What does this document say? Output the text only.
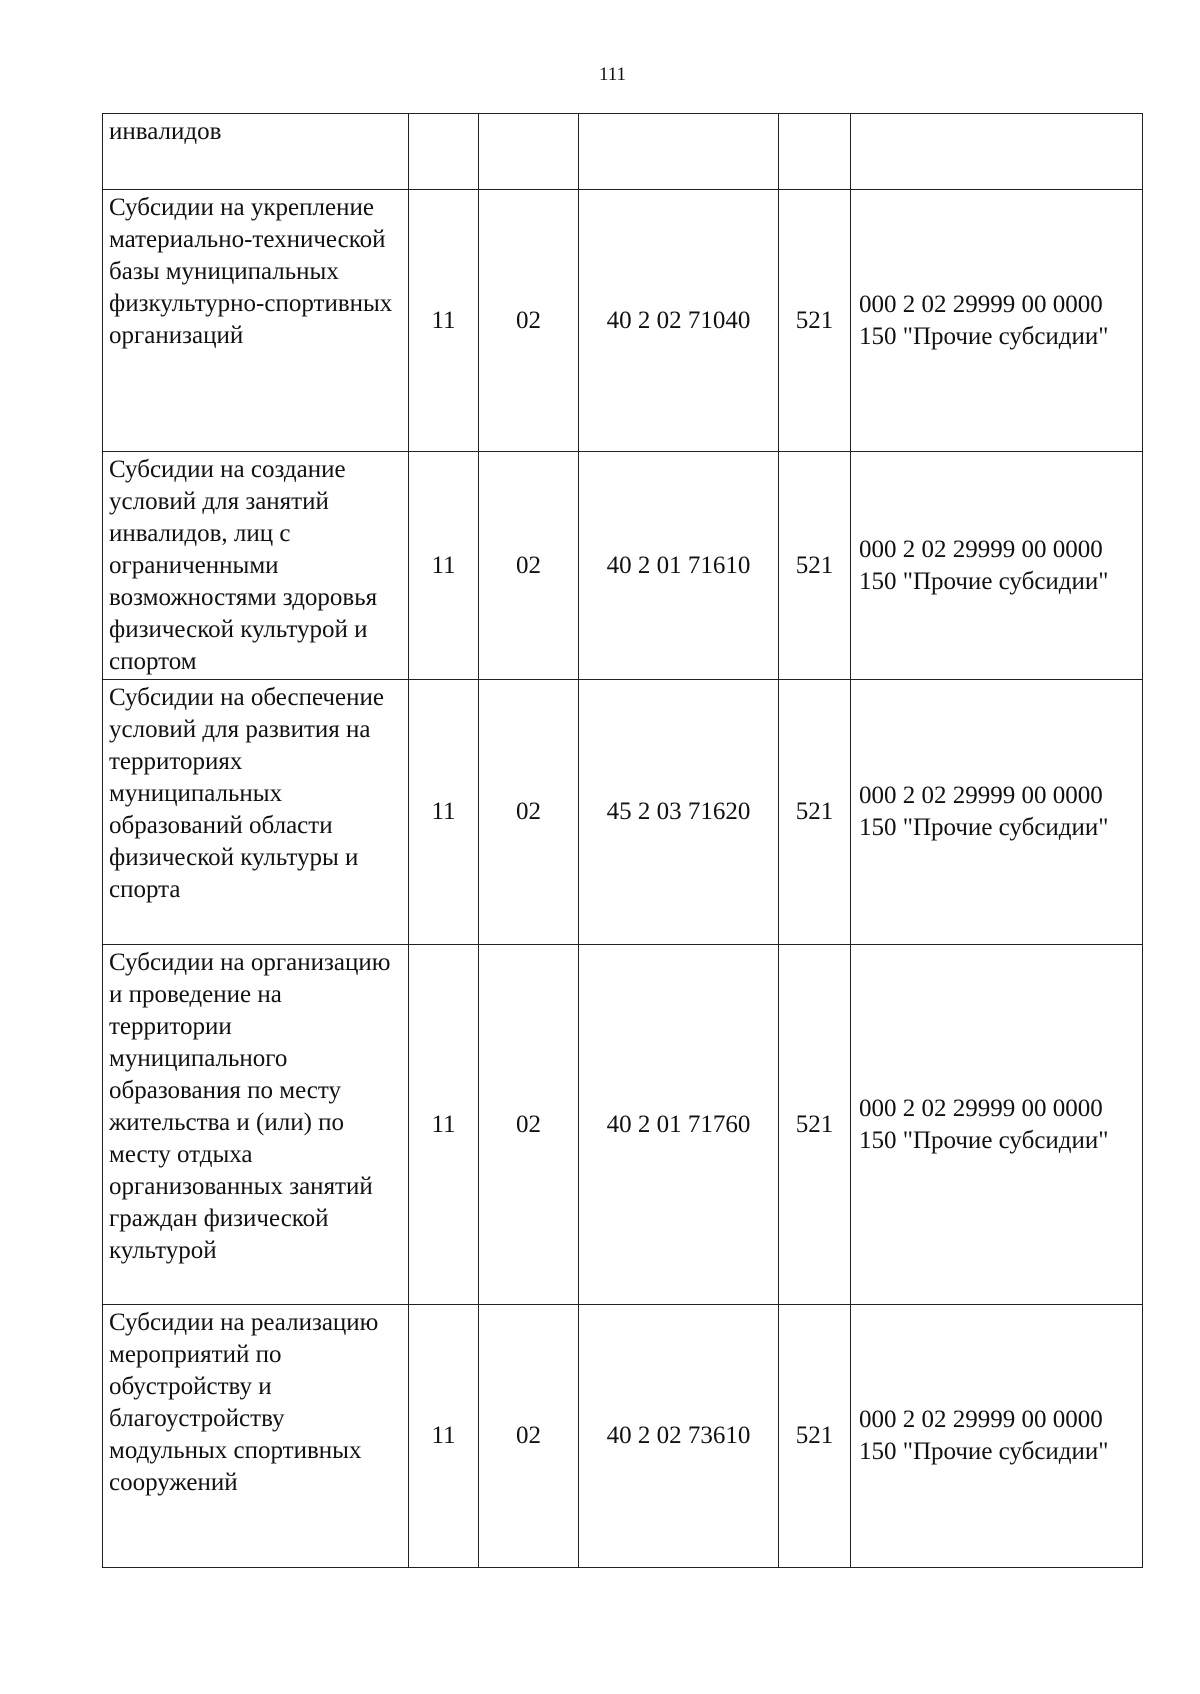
111
инвалидов					
Субсидии на укрепление материально-технической базы муниципальных физкультурно-спортивных организаций	11	02	40 2 02 71040	521	000 2 02 29999 00 0000 150 "Прочие субсидии"
Субсидии на создание условий для занятий инвалидов, лиц с ограниченными возможностями здоровья физической культурой и спортом	11	02	40 2 01 71610	521	000 2 02 29999 00 0000 150 "Прочие субсидии"
Субсидии на обеспечение условий для развития на территориях муниципальных образований области физической культуры и спорта	11	02	45 2 03 71620	521	000 2 02 29999 00 0000 150 "Прочие субсидии"
Субсидии на организацию и проведение на территории муниципального образования по месту жительства и (или) по месту отдыха организованных занятий граждан физической культурой	11	02	40 2 01 71760	521	000 2 02 29999 00 0000 150 "Прочие субсидии"
Субсидии на реализацию мероприятий по обустройству и благоустройству модульных спортивных сооружений	11	02	40 2 02 73610	521	000 2 02 29999 00 0000 150 "Прочие субсидии"
